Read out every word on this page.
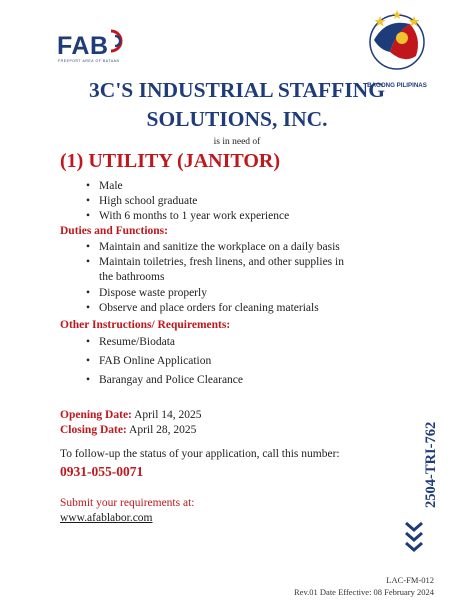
FAB
FREEPORT AREA OF BATAAN
BAGONG PILIPINAS
3C'S INDUSTRIAL STAFFING
SOLUTIONS, INC.
is in need of
(1) UTILITY (JANITOR)
• Male
• High school graduate
• With 6 months to 1 year work experience
Duties and Functions:
• Maintain and sanitize the workplace on a daily basis
• Maintain toiletries, fresh linens, and other supplies in
the bathrooms
• Dispose waste properly
• Observe and place orders for cleaning materials
Other Instructions/ Requirements:
• Resume/Biodata
• FAB Online Application
• Barangay and Police Clearance
Opening Date: April 14, 2025
Closing Date: April 28, 2025
To follow-up the status of your application, call this number:
0931-055-0071
Submit your requirements at:
www.afablabor.com
2504-TRI-762
LAC-FM-012
Rev.01 Date Effective: 08 February 2024
